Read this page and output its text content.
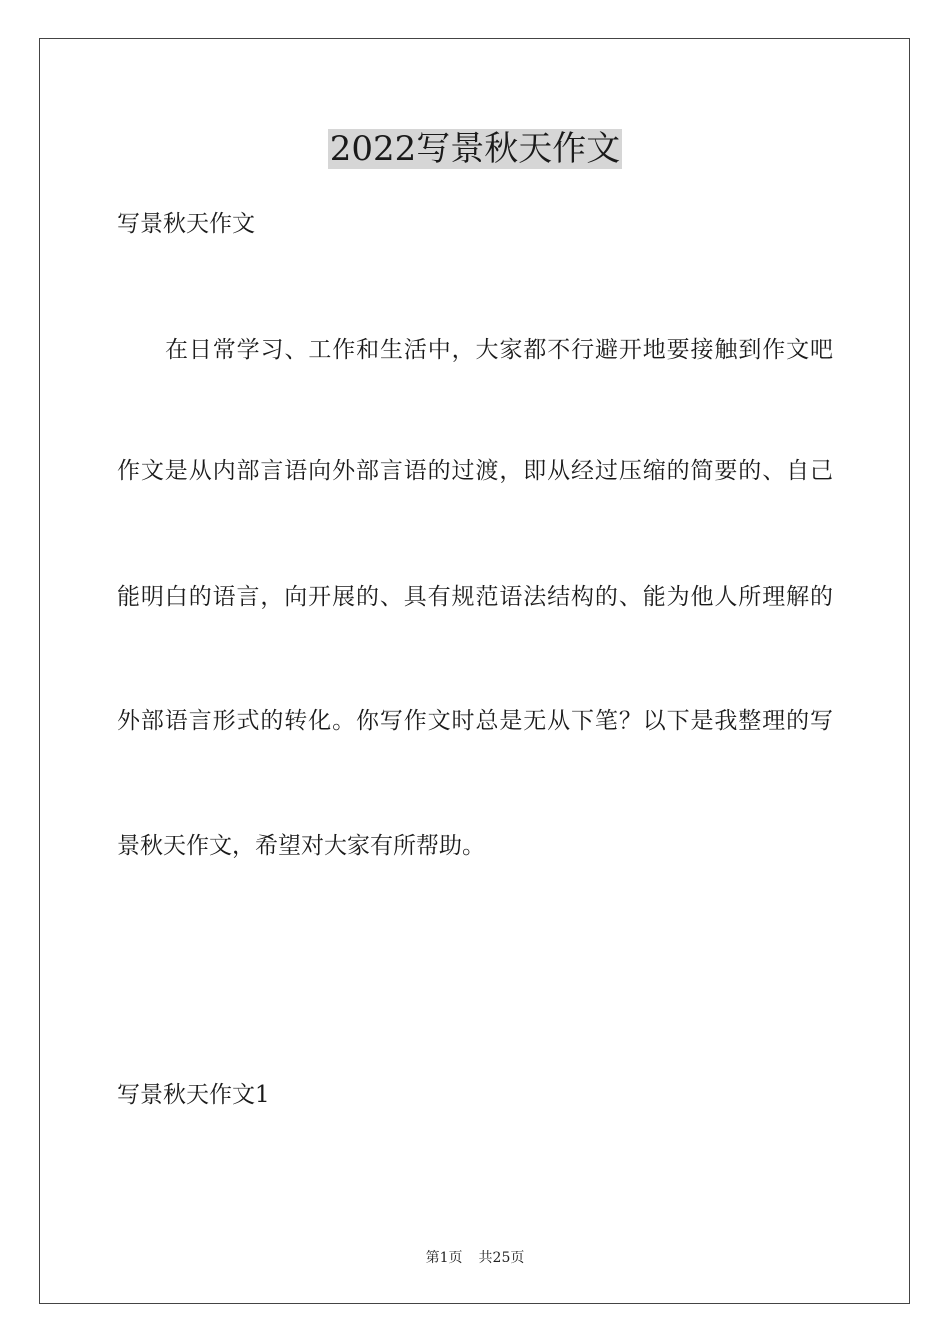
2022写景秋天作文

写景秋天作文

在日常学习、工作和生活中，大家都不行避开地要接触到作文吧

作文是从内部言语向外部言语的过渡，即从经过压缩的简要的、自己

能明白的语言，向开展的、具有规范语法结构的、能为他人所理解的

外部语言形式的转化。你写作文时总是无从下笔？以下是我整理的写

景秋天作文，希望对大家有所帮助。

写景秋天作文1

第1页 共25页
